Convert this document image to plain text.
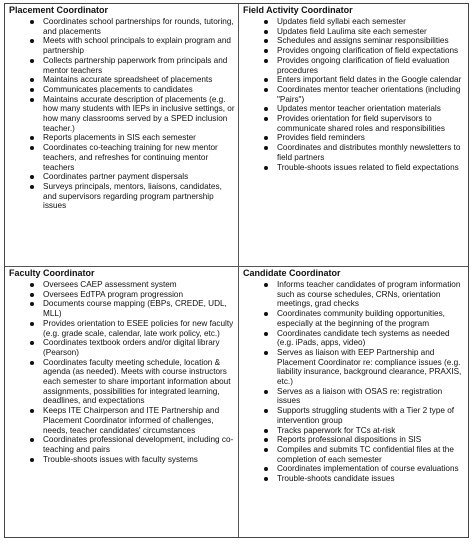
Placement Coordinator
Coordinates school partnerships for rounds, tutoring, and placements
Meets with school principals to explain program and partnership
Collects partnership paperwork from principals and mentor teachers
Maintains accurate spreadsheet of placements
Communicates placements to candidates
Maintains accurate description of placements (e.g. how many students with IEPs in inclusive settings, or how many classrooms served by a SPED inclusion teacher.)
Reports placements in SIS each semester
Coordinates co-teaching training for new mentor teachers, and refreshes for continuing mentor teachers
Coordinates partner payment dispersals
Surveys principals, mentors, liaisons, candidates, and supervisors regarding program partnership issues
Field Activity Coordinator
Updates field syllabi each semester
Updates field Laulima site each semester
Schedules and assigns seminar responsibilities
Provides ongoing clarification of field expectations
Provides ongoing clarification of field evaluation procedures
Enters important field dates in the Google calendar
Coordinates mentor teacher orientations (including "Pairs")
Updates mentor teacher orientation materials
Provides orientation for field supervisors to communicate shared roles and responsibilities
Provides field reminders
Coordinates and distributes monthly newsletters to field partners
Trouble-shoots issues related to field expectations
Faculty Coordinator
Oversees CAEP assessment system
Oversees EdTPA program progression
Documents course mapping (EBPs, CREDE, UDL, MLL)
Provides orientation to ESEE policies for new faculty (e.g. grade scale, calendar, late work policy, etc.)
Coordinates textbook orders and/or digital library (Pearson)
Coordinates faculty meeting schedule, location & agenda (as needed). Meets with course instructors each semester to share important information about assignments, possibilities for integrated learning, deadlines, and expectations
Keeps ITE Chairperson and ITE Partnership and Placement Coordinator informed of challenges, needs, teacher candidates' circumstances
Coordinates professional development, including co-teaching and pairs
Trouble-shoots issues with faculty systems
Candidate Coordinator
Informs teacher candidates of program information such as course schedules, CRNs, orientation meetings, grad checks
Coordinates community building opportunities, especially at the beginning of the program
Coordinates candidate tech systems as needed (e.g. iPads, apps, video)
Serves as liaison with EEP Partnership and Placement Coordinator re: compliance issues (e.g. liability insurance, background clearance, PRAXIS, etc.)
Serves as a liaison with OSAS re: registration issues
Supports struggling students with a Tier 2 type of intervention group
Tracks paperwork for TCs at-risk
Reports professional dispositions in SIS
Compiles and submits TC confidential files at the completion of each semester
Coordinates implementation of course evaluations
Trouble-shoots candidate issues
